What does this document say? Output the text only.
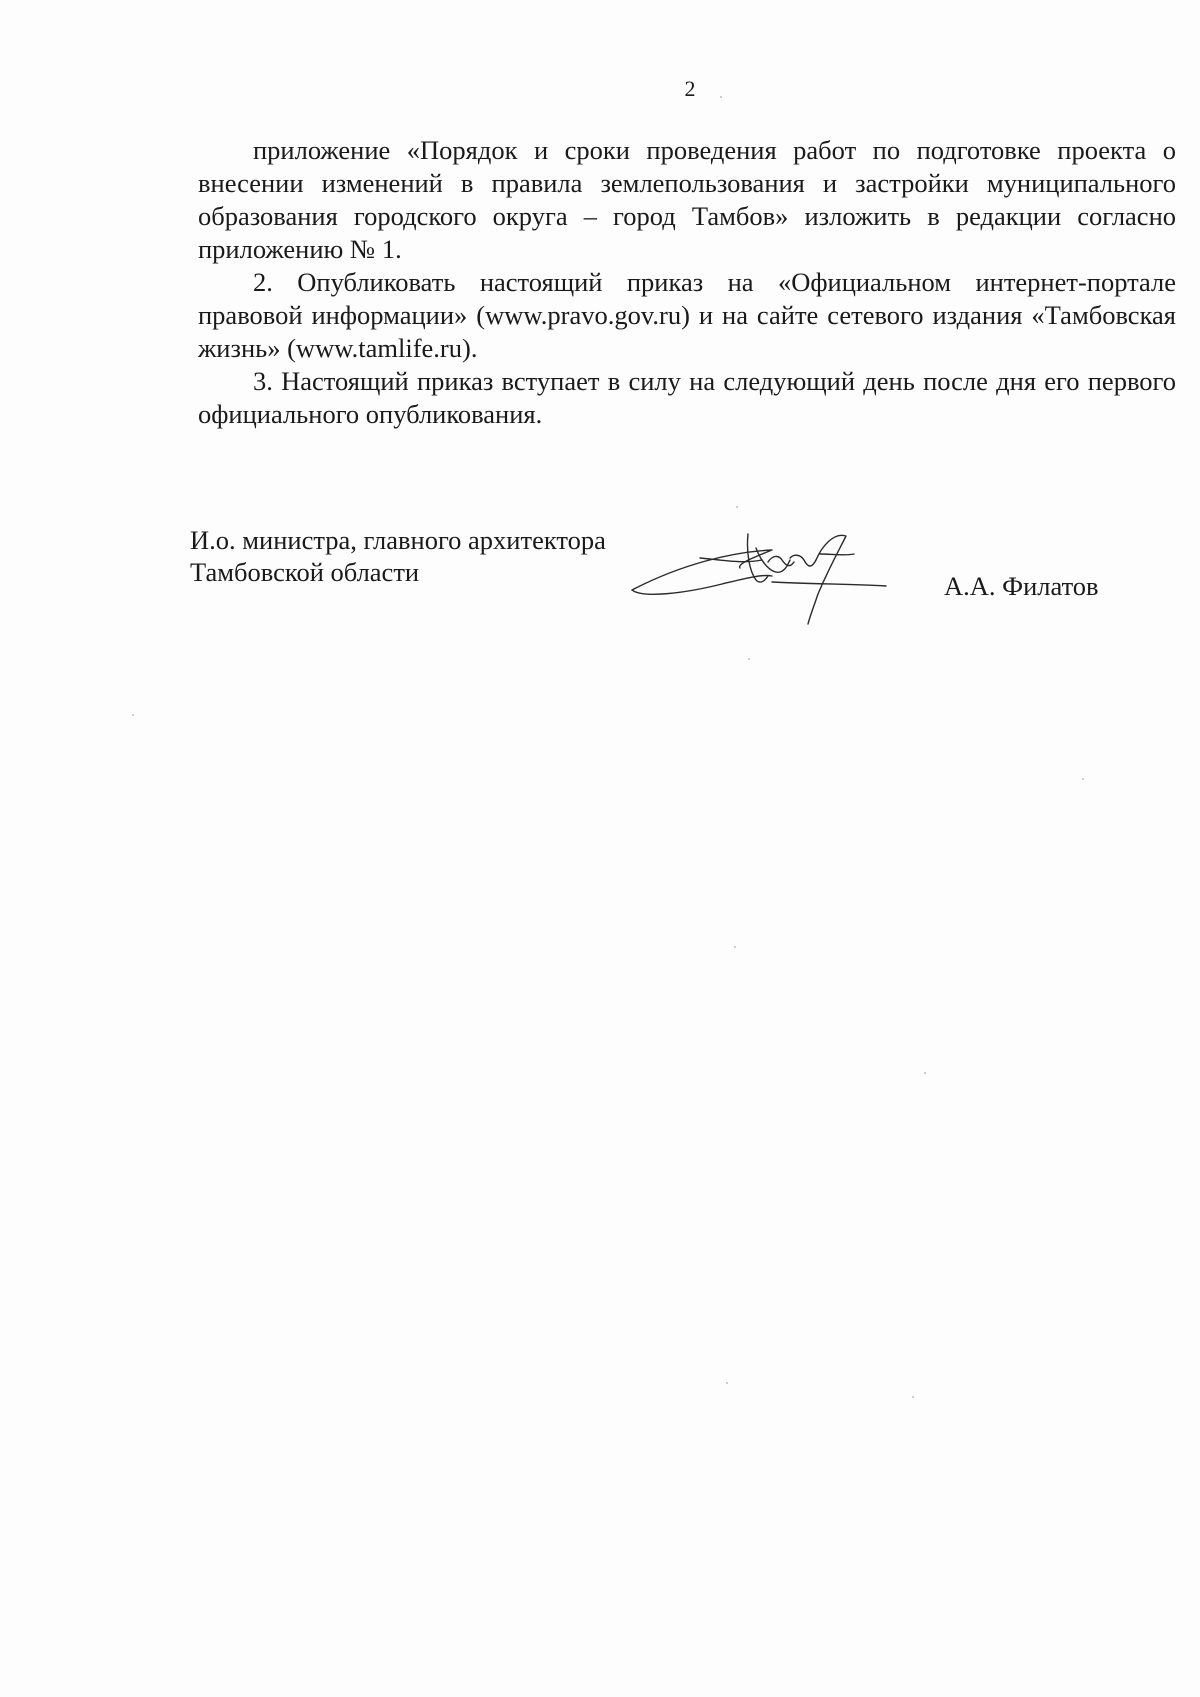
2

приложение «Порядок и сроки проведения работ по подготовке проекта о внесении изменений в правила землепользования и застройки муниципального образования городского округа – город Тамбов» изложить в редакции согласно приложению № 1.

2. Опубликовать настоящий приказ на «Официальном интернет-портале правовой информации» (www.pravo.gov.ru) и на сайте сетевого издания «Тамбовская жизнь» (www.tamlife.ru).

3. Настоящий приказ вступает в силу на следующий день после дня его первого официального опубликования.

И.о. министра, главного архитектора
Тамбовской области	А.А. Филатов
